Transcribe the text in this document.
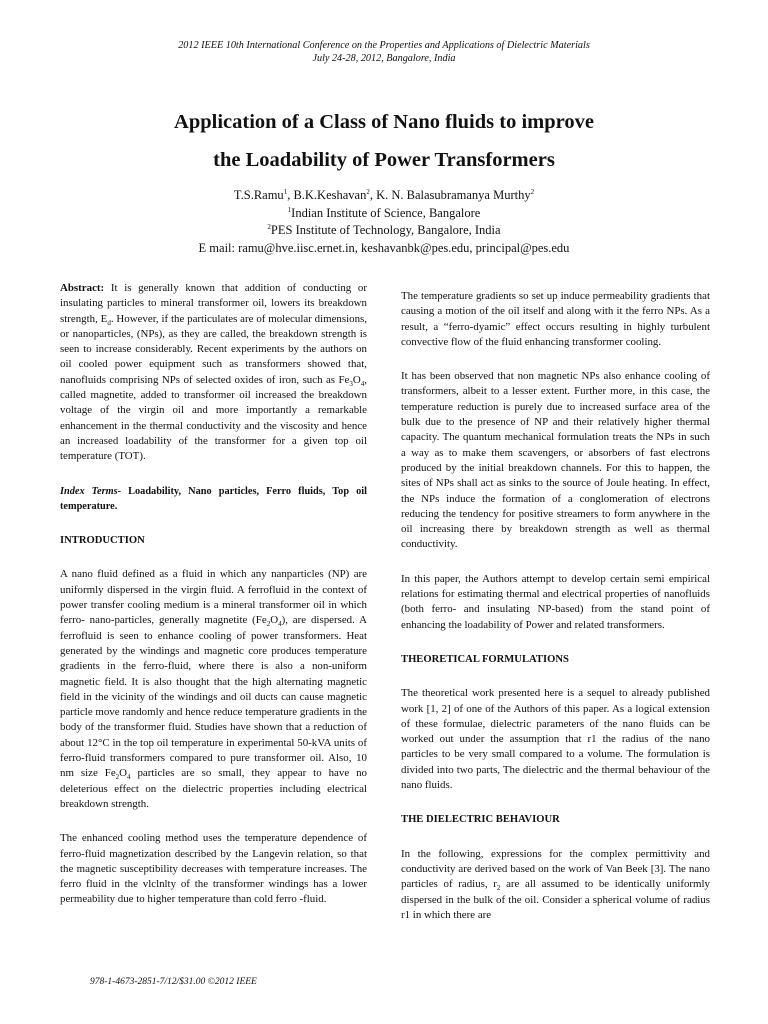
2012 IEEE 10th International Conference on the Properties and Applications of Dielectric Materials
July 24-28, 2012, Bangalore, India
Application of a Class of Nano fluids to improve
the Loadability of Power Transformers
T.S.Ramu$^1$, B.K.Keshavan$^2$, K. N. Balasubramanya Murthy$^2$
$^1$Indian Institute of Science, Bangalore
$^2$PES Institute of Technology, Bangalore, India
E mail: ramu@hve.iisc.ernet.in, keshavanbk@pes.edu, principal@pes.edu

Abstract: It is generally known that addition of conducting or insulating particles to mineral transformer oil, lowers its breakdown strength, $E_d$. However, if the particulates are of molecular dimensions, or nanoparticles, (NPs), as they are called, the breakdown strength is seen to increase considerably. Recent experiments by the authors on oil cooled power equipment such as transformers showed that, nanofluids comprising NPs of selected oxides of iron, such as $Fe_3O_4$, called magnetite, added to transformer oil increased the breakdown voltage of the virgin oil and more importantly a remarkable enhancement in the thermal conductivity and the viscosity and hence an increased loadability of the transformer for a given top oil temperature (TOT).

Index Terms- Loadability, Nano particles, Ferro fluids, Top oil temperature.

INTRODUCTION

A nano fluid defined as a fluid in which any nanparticles (NP) are uniformly dispersed in the virgin fluid. A ferrofluid in the context of power transfer cooling medium is a mineral transformer oil in which ferro- nano-particles, generally magnetite $(Fe_2O_4)$, are dispersed. A ferrofluid is seen to enhance cooling of power transformers. Heat generated by the windings and magnetic core produces temperature gradients in the ferro-fluid, where there is also a non-uniform magnetic field. It is also thought that the high alternating magnetic field in the vicinity of the windings and oil ducts can cause magnetic particle move randomly and hence reduce temperature gradients in the body of the transformer fluid. Studies have shown that a reduction of about 12°C in the top oil temperature in experimental 50-kVA units of ferro-fluid transformers compared to pure transformer oil. Also, 10 nm size $Fe_2O_4$ particles are so small, they appear to have no deleterious effect on the dielectric properties including electrical breakdown strength.

The enhanced cooling method uses the temperature dependence of ferro-fluid magnetization described by the Langevin relation, so that the magnetic susceptibility decreases with temperature increases. The ferro fluid in the vlclnlty of the transformer windings has a lower permeability due to higher temperature than cold ferro -fluid.

The temperature gradients so set up induce permeability gradients that causing a motion of the oil itself and along with it the ferro NPs. As a result, a “ferro-dyamic” effect occurs resulting in highly turbulent convective flow of the fluid enhancing transformer cooling.

It has been observed that non magnetic NPs also enhance cooling of transformers, albeit to a lesser extent. Further more, in this case, the temperature reduction is purely due to increased surface area of the bulk due to the presence of NP and their relatively higher thermal capacity. The quantum mechanical formulation treats the NPs in such a way as to make them scavengers, or absorbers of fast electrons produced by the initial breakdown channels. For this to happen, the sites of NPs shall act as sinks to the source of Joule heating. In effect, the NPs induce the formation of a conglomeration of electrons reducing the tendency for positive streamers to form anywhere in the oil increasing there by breakdown strength as well as thermal conductivity.

In this paper, the Authors attempt to develop certain semi empirical relations for estimating thermal and electrical properties of nanofluids (both ferro- and insulating NP-based) from the stand point of enhancing the loadability of Power and related transformers.

THEORETICAL FORMULATIONS

The theoretical work presented here is a sequel to already published work [1, 2] of one of the Authors of this paper. As a logical extension of these formulae, dielectric parameters of the nano fluids can be worked out under the assumption that r1 the radius of the nano particles to be very small compared to a volume. The formulation is divided into two parts, The dielectric and the thermal behaviour of the nano fluids.

THE DIELECTRIC BEHAVIOUR

In the following, expressions for the complex permittivity and conductivity are derived based on the work of Van Beek [3]. The nano particles of radius, $r_2$ are all assumed to be identically uniformly dispersed in the bulk of the oil. Consider a spherical volume of radius r1 in which there are

978-1-4673-2851-7/12/$31.00 ©2012 IEEE
